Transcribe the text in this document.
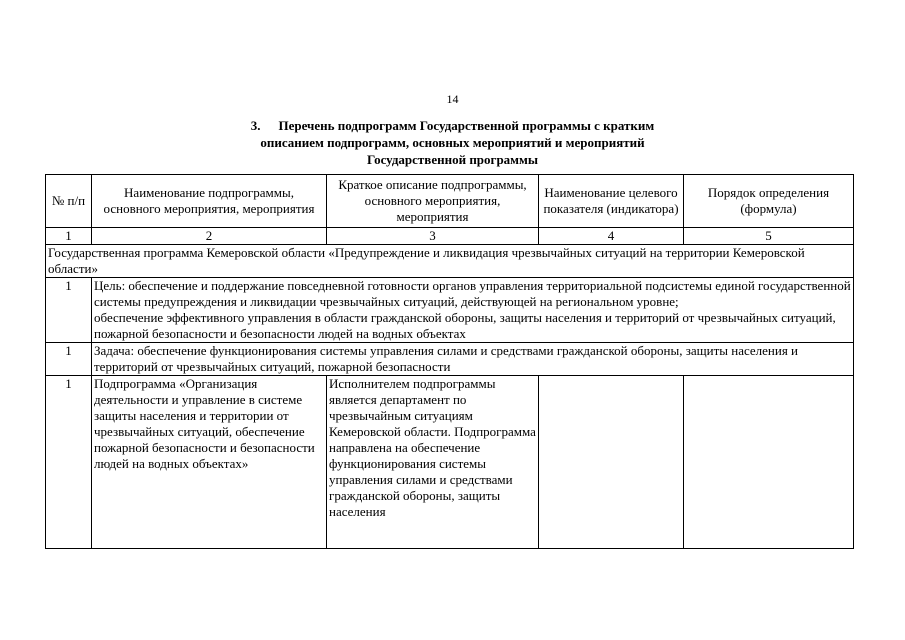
14
3. Перечень подпрограмм Государственной программы с кратким
описанием подпрограмм, основных мероприятий и мероприятий
Государственной программы
№ п/п	Наименование подпрограммы, основного мероприятия, мероприятия	Краткое описание подпрограммы, основного мероприятия, мероприятия	Наименование целевого показателя (индикатора)	Порядок определения (формула)
1	2	3	4	5
Государственная программа Кемеровской области «Предупреждение и ликвидация чрезвычайных ситуаций на территории Кемеровской области»				
1	Цель: обеспечение и поддержание повседневной готовности органов управления территориальной подсистемы единой государственной системы предупреждения и ликвидации чрезвычайных ситуаций, действующей на региональном уровне;
обеспечение эффективного управления в области гражданской обороны, защиты населения и территорий от чрезвычайных ситуаций, пожарной безопасности и безопасности людей на водных объектах			

1	Задача: обеспечение функционирования системы управления силами и средствами гражданской обороны, защиты населения и территорий от чрезвычайных ситуаций, пожарной безопасности			
1	Подпрограмма «Организация деятельности и управление в системе защиты населения и территории от чрезвычайных ситуаций, обеспечение пожарной безопасности и безопасности людей на водных объектах»	Исполнителем подпрограммы является департамент по чрезвычайным ситуациям Кемеровской области. Подпрограмма направлена на обеспечение функционирования системы управления силами и средствами гражданской обороны, защиты населения		
